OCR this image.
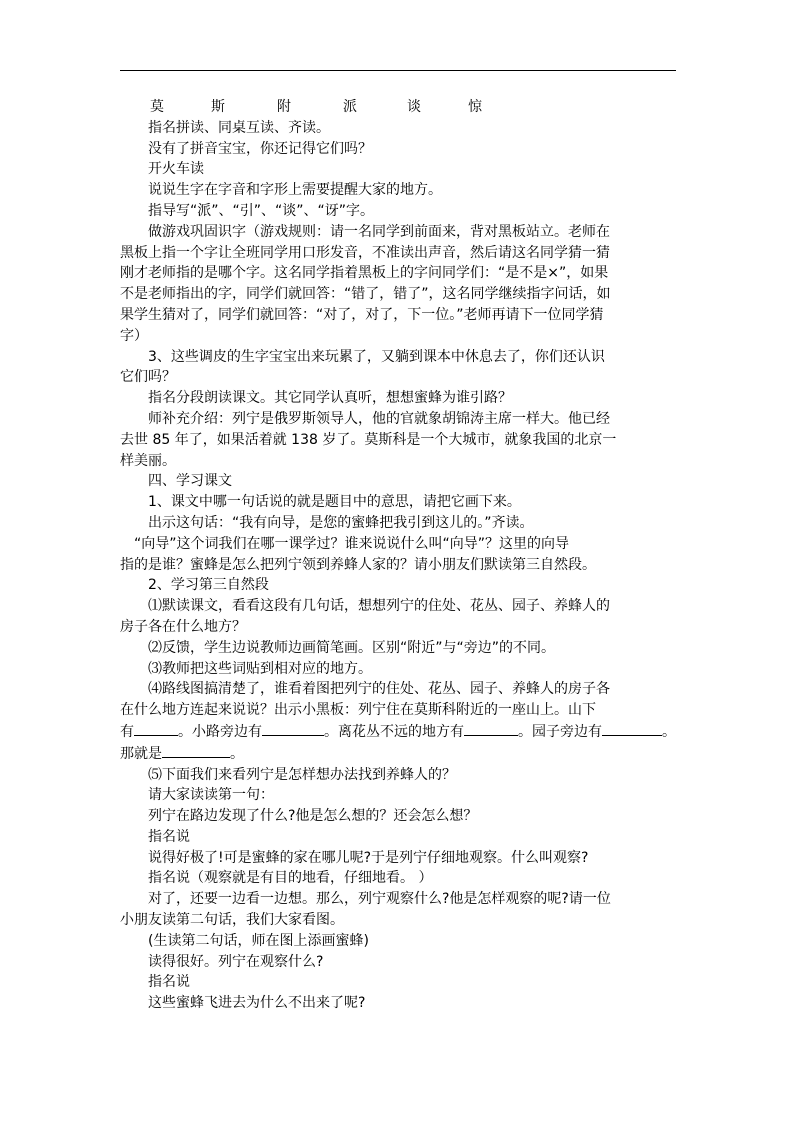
莫	斯	附	派	谈	惊
指名拼读、同桌互读、齐读。
没有了拼音宝宝，你还记得它们吗？
开火车读
说说生字在字音和字形上需要提醒大家的地方。
指导写“派”、“引”、“谈”、“讶”字。
做游戏巩固识字（游戏规则：请一名同学到前面来，背对黑板站立。老师在
黑板上指一个字让全班同学用口形发音，不准读出声音，然后请这名同学猜一猜
刚才老师指的是哪个字。这名同学指着黑板上的字问同学们：“是不是×”，如果
不是老师指出的字，同学们就回答：“错了，错了”，这名同学继续指字问话，如
果学生猜对了，同学们就回答：“对了，对了，下一位。”老师再请下一位同学猜
字）
3、这些调皮的生字宝宝出来玩累了，又躺到课本中休息去了，你们还认识
它们吗？
指名分段朗读课文。其它同学认真听，想想蜜蜂为谁引路？
师补充介绍：列宁是俄罗斯领导人，他的官就象胡锦涛主席一样大。他已经
去世 85 年了，如果活着就 138 岁了。莫斯科是一个大城市，就象我国的北京一
样美丽。
四、学习课文
1、课文中哪一句话说的就是题目中的意思，请把它画下来。
出示这句话：“我有向导，是您的蜜蜂把我引到这儿的。”齐读。
“向导”这个词我们在哪一课学过？谁来说说什么叫“向导”？这里的向导
指的是谁？蜜蜂是怎么把列宁领到养蜂人家的？请小朋友们默读第三自然段。
2、学习第三自然段
⑴默读课文，看看这段有几句话，想想列宁的住处、花丛、园子、养蜂人的
房子各在什么地方？
⑵反馈，学生边说教师边画简笔画。区别“附近”与“旁边”的不同。
⑶教师把这些词贴到相对应的地方。
⑷路线图搞清楚了，谁看着图把列宁的住处、花丛、园子、养蜂人的房子各
在什么地方连起来说说？出示小黑板：列宁住在莫斯科附近的一座山上。山下
有	。小路旁边有	。离花丛不远的地方有	。园子旁边有	。
那就是	。
⑸下面我们来看列宁是怎样想办法找到养蜂人的？
请大家读读第一句：
列宁在路边发现了什么?他是怎么想的？还会怎么想？
指名说
说得好极了!可是蜜蜂的家在哪儿呢?于是列宁仔细地观察。什么叫观察?
指名说（观察就是有目的地看，仔细地看。 ）
对了，还要一边看一边想。那么，列宁观察什么?他是怎样观察的呢?请一位
小朋友读第二句话，我们大家看图。
(生读第二句话，师在图上添画蜜蜂)
读得很好。列宁在观察什么?
指名说
这些蜜蜂飞进去为什么不出来了呢?
